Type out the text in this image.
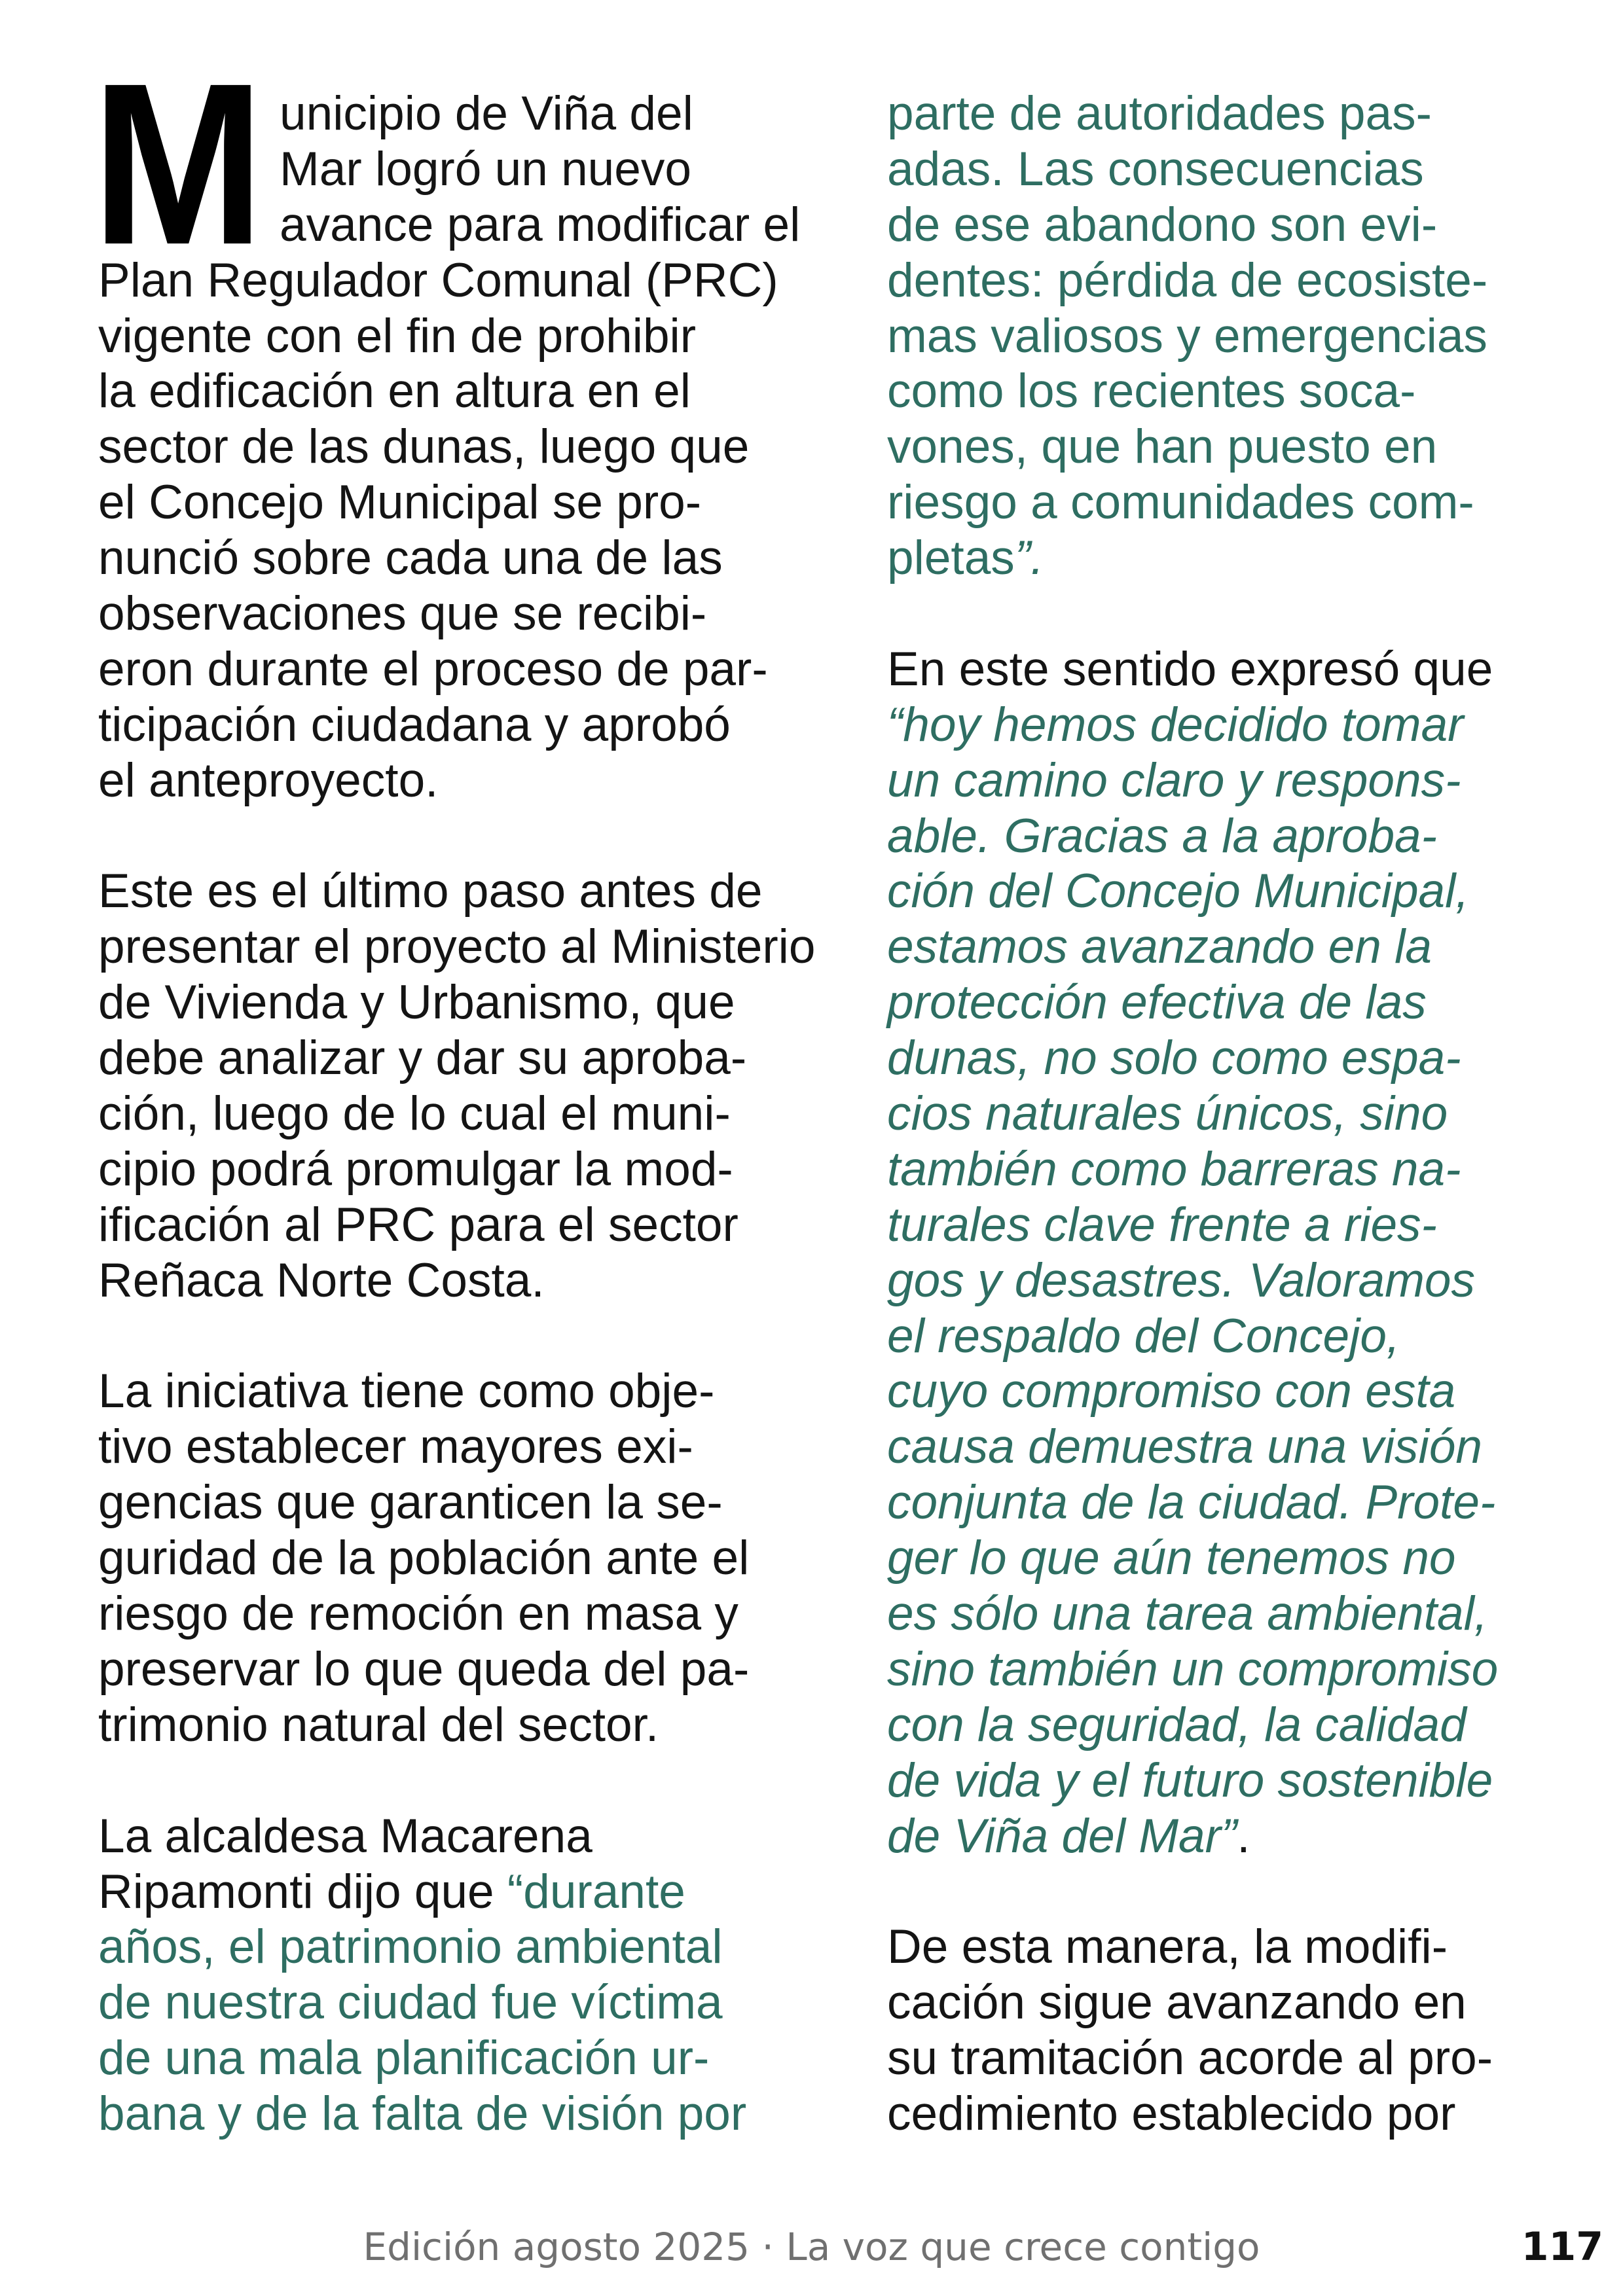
M unicipio de Viña del
Mar logró un nuevo
avance para modificar el
Plan Regulador Comunal (PRC)
vigente con el fin de prohibir
la edificación en altura en el
sector de las dunas, luego que
el Concejo Municipal se pro-
nunció sobre cada una de las
observaciones que se recibi-
eron durante el proceso de par-
ticipación ciudadana y aprobó
el anteproyecto.
Este es el último paso antes de
presentar el proyecto al Ministerio
de Vivienda y Urbanismo, que
debe analizar y dar su aproba-
ción, luego de lo cual el muni-
cipio podrá promulgar la mod-
ificación al PRC para el sector
Reñaca Norte Costa.
La iniciativa tiene como obje-
tivo establecer mayores exi-
gencias que garanticen la se-
guridad de la población ante el
riesgo de remoción en masa y
preservar lo que queda del pa-
trimonio natural del sector.
La alcaldesa Macarena
Ripamonti dijo que “durante
años, el patrimonio ambiental
de nuestra ciudad fue víctima
de una mala planificación ur-
bana y de la falta de visión por
parte de autoridades pas-
adas. Las consecuencias
de ese abandono son evi-
dentes: pérdida de ecosiste-
mas valiosos y emergencias
como los recientes soca-
vones, que han puesto en
riesgo a comunidades com-
pletas”.
En este sentido expresó que
“hoy hemos decidido tomar
un camino claro y respons-
able. Gracias a la aproba-
ción del Concejo Municipal,
estamos avanzando en la
protección efectiva de las
dunas, no solo como espa-
cios naturales únicos, sino
también como barreras na-
turales clave frente a ries-
gos y desastres. Valoramos
el respaldo del Concejo,
cuyo compromiso con esta
causa demuestra una visión
conjunta de la ciudad. Prote-
ger lo que aún tenemos no
es sólo una tarea ambiental,
sino también un compromiso
con la seguridad, la calidad
de vida y el futuro sostenible
de Viña del Mar”.
De esta manera, la modifi-
cación sigue avanzando en
su tramitación acorde al pro-
cedimiento establecido por
Edición agosto 2025 · La voz que crece contigo	117
